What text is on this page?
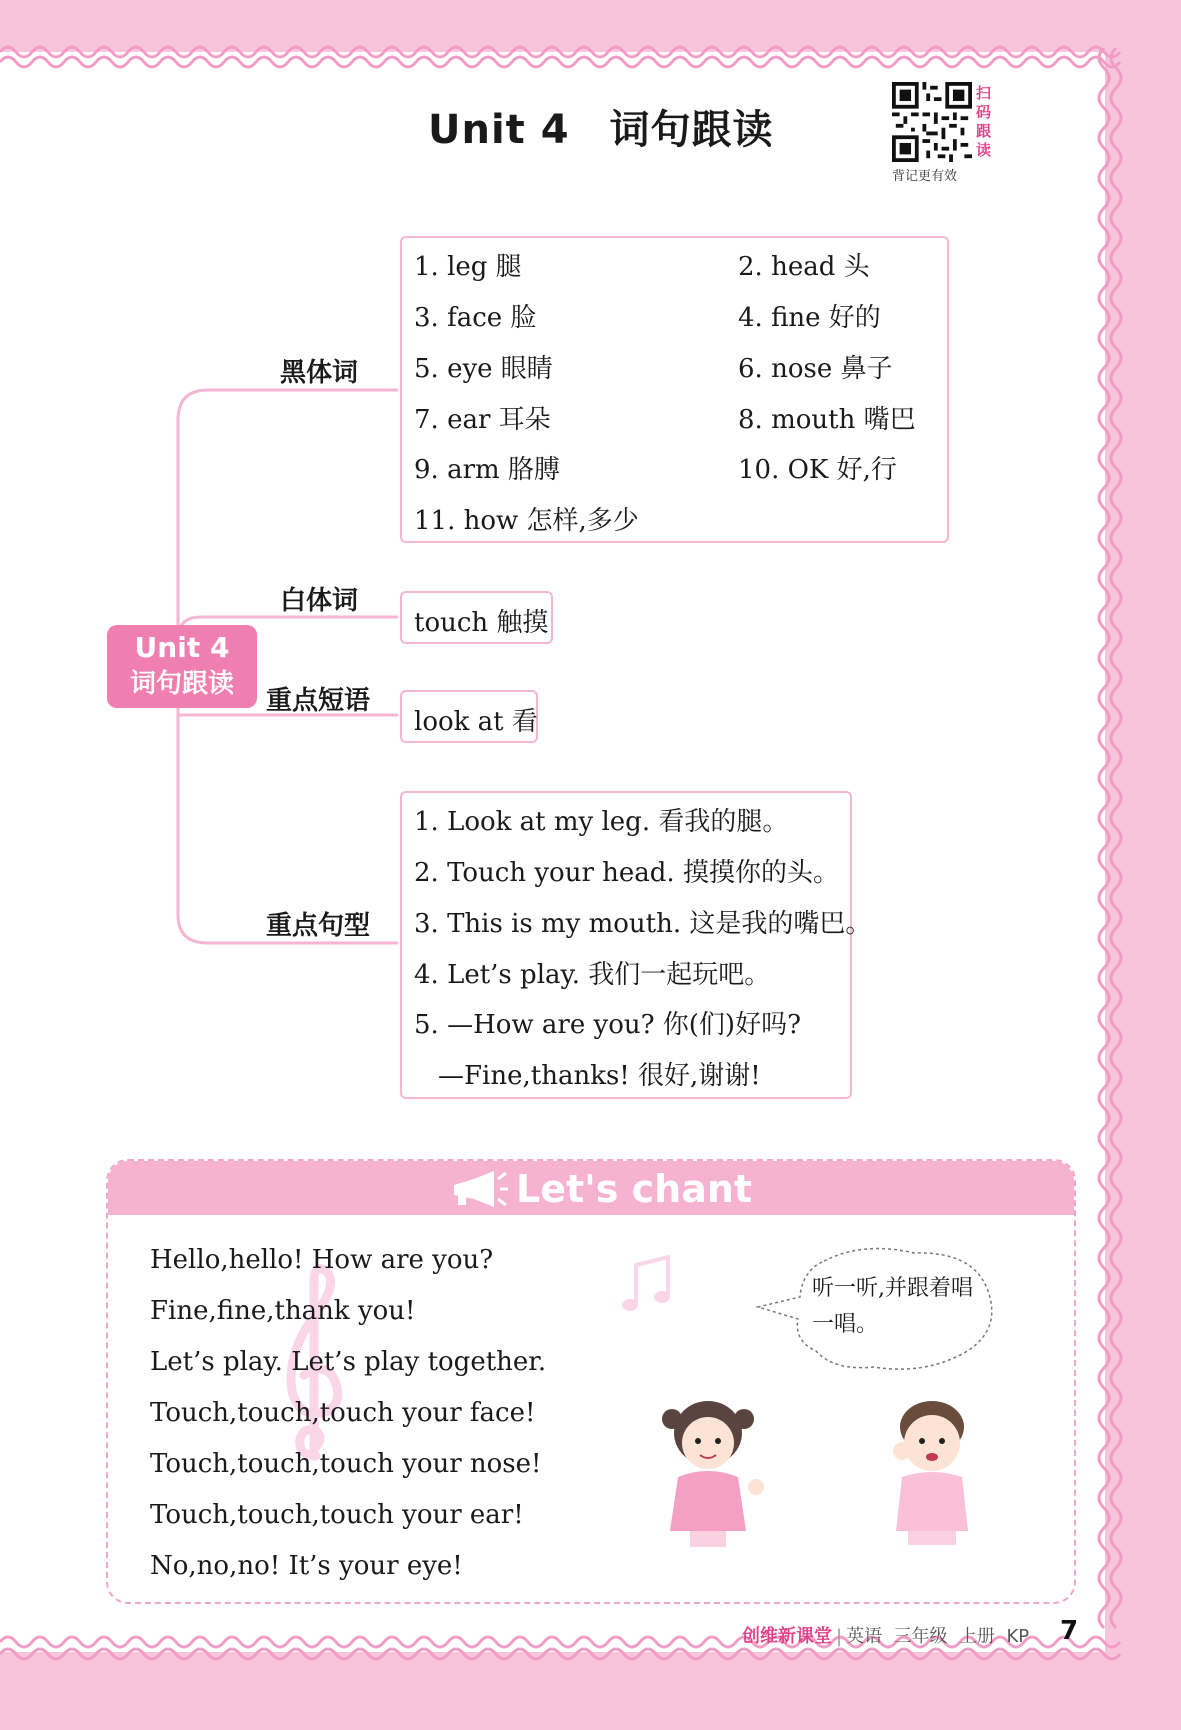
Unit 4 词句跟读
扫码跟读
背记更有效
Unit 4
词句跟读
黑体词
白体词
重点短语
重点句型
1. leg 腿	2. head 头
3. face 脸	4. fine 好的
5. eye 眼睛	6. nose 鼻子
7. ear 耳朵	8. mouth 嘴巴
9. arm 胳膊	10. OK 好,行
11. how 怎样,多少
touch 触摸
look at 看
1. Look at my leg. 看我的腿。
2. Touch your head. 摸摸你的头。
3. This is my mouth. 这是我的嘴巴。
4. Let’s play. 我们一起玩吧。
5. —How are you? 你(们)好吗?
—Fine,thanks! 很好,谢谢!
Let's chant
Hello,hello! How are you?
Fine,fine,thank you!
Let’s play. Let’s play together.
Touch,touch,touch your face!
Touch,touch,touch your nose!
Touch,touch,touch your ear!
No,no,no! It’s your eye!
听一听,并跟着唱一唱。
创维新课堂 | 英语 三年级 上册 KP 7
